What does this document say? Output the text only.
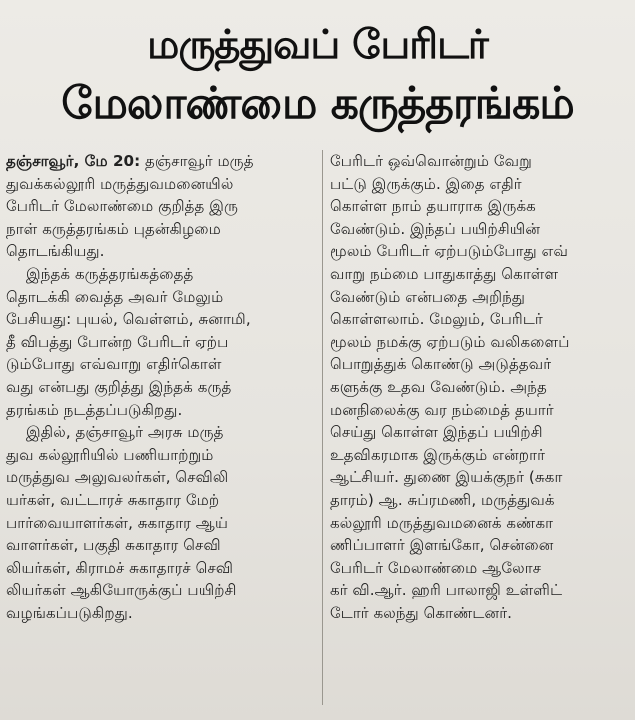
மருத்துவப் பேரிடர்
மேலாண்மை கருத்தரங்கம்
தஞ்சாவூர், மே 20: தஞ்சாவூர் மருத்
துவக்கல்லூரி மருத்துவமனையில்
பேரிடர் மேலாண்மை குறித்த இரு
நாள் கருத்தரங்கம் புதன்கிழமை
தொடங்கியது.
இந்தக் கருத்தரங்கத்தைத்
தொடக்கி வைத்த அவர் மேலும்
பேசியது: புயல், வெள்ளம், சுனாமி,
தீ விபத்து போன்ற பேரிடர் ஏற்ப
டும்போது எவ்வாறு எதிர்கொள்
வது என்பது குறித்து இந்தக் கருத்
தரங்கம் நடத்தப்படுகிறது.
இதில், தஞ்சாவூர் அரசு மருத்
துவ கல்லூரியில் பணியாற்றும்
மருத்துவ அலுவலர்கள், செவிலி
யர்கள், வட்டாரச் சுகாதார மேற்
பார்வையாளர்கள், சுகாதார ஆய்
வாளர்கள், பகுதி சுகாதார செவி
லியர்கள், கிராமச் சுகாதாரச் செவி
லியர்கள் ஆகியோருக்குப் பயிற்சி
வழங்கப்படுகிறது.
பேரிடர் ஒவ்வொன்றும் வேறு
பட்டு இருக்கும். இதை எதிர்
கொள்ள நாம் தயாராக இருக்க
வேண்டும். இந்தப் பயிற்சியின்
மூலம் பேரிடர் ஏற்படும்போது எவ்
வாறு நம்மை பாதுகாத்து கொள்ள
வேண்டும் என்பதை அறிந்து
கொள்ளலாம். மேலும், பேரிடர்
மூலம் நமக்கு ஏற்படும் வலிகளைப்
பொறுத்துக் கொண்டு அடுத்தவர்
களுக்கு உதவ வேண்டும். அந்த
மனநிலைக்கு வர நம்மைத் தயார்
செய்து கொள்ள இந்தப் பயிற்சி
உதவிகரமாக இருக்கும் என்றார்
ஆட்சியர். துணை இயக்குநர் (சுகா
தாரம்) ஆ. சுப்ரமணி, மருத்துவக்
கல்லூரி மருத்துவமனைக் கண்கா
ணிப்பாளர் இளங்கோ, சென்னை
பேரிடர் மேலாண்மை ஆலோச
கர் வி.ஆர். ஹரி பாலாஜி உள்ளிட்
டோர் கலந்து கொண்டனர்.
